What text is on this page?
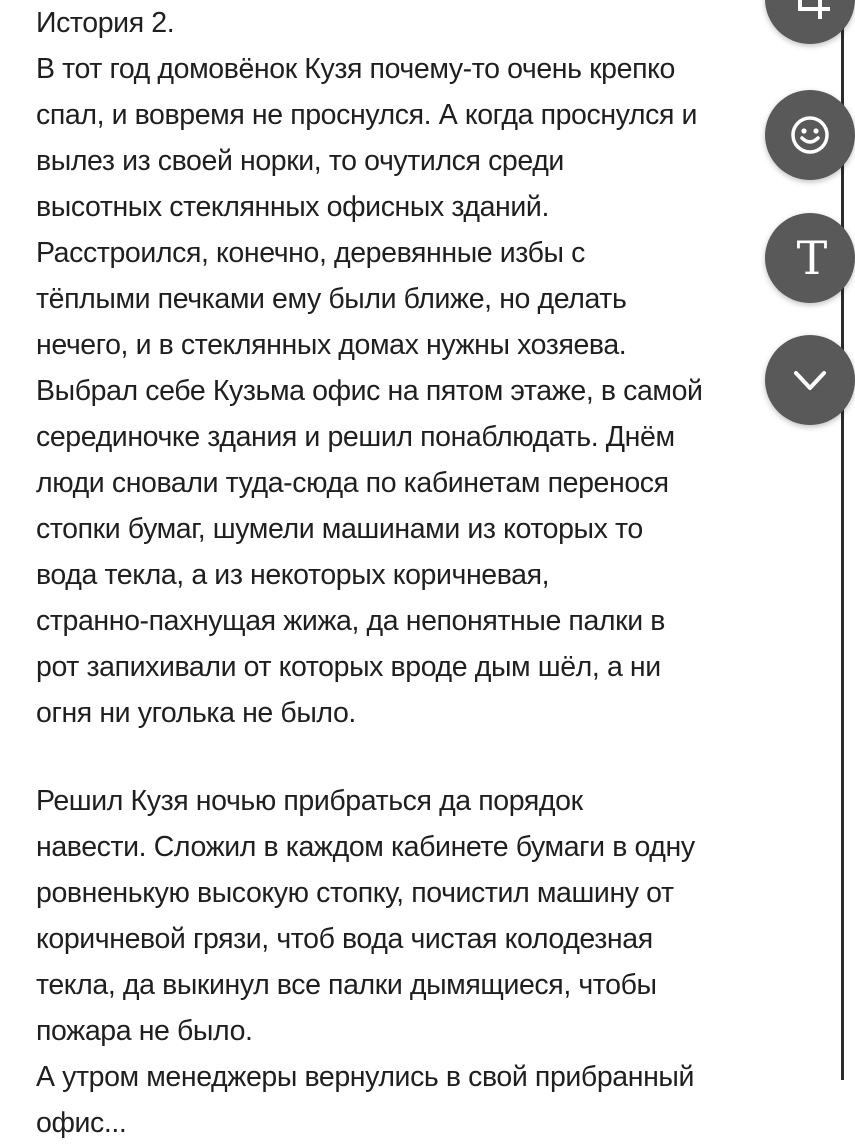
История 2.
В тот год домовёнок Кузя почему-то очень крепко
спал, и вовремя не проснулся. А когда проснулся и
вылез из своей норки, то очутился среди
высотных стеклянных офисных зданий.
Расстроился, конечно, деревянные избы с
тёплыми печками ему были ближе, но делать
нечего, и в стеклянных домах нужны хозяева.
Выбрал себе Кузьма офис на пятом этаже, в самой
серединочке здания и решил понаблюдать. Днём
люди сновали туда-сюда по кабинетам перенося
стопки бумаг, шумели машинами из которых то
вода текла, а из некоторых коричневая,
странно-пахнущая жижа, да непонятные палки в
рот запихивали от которых вроде дым шёл, а ни
огня ни уголька не было.
Решил Кузя ночью прибраться да порядок
навести. Сложил в каждом кабинете бумаги в одну
ровненькую высокую стопку, почистил машину от
коричневой грязи, чтоб вода чистая колодезная
текла, да выкинул все палки дымящиеся, чтобы
пожара не было.
А утром менеджеры вернулись в свой прибранный
офис...
T
